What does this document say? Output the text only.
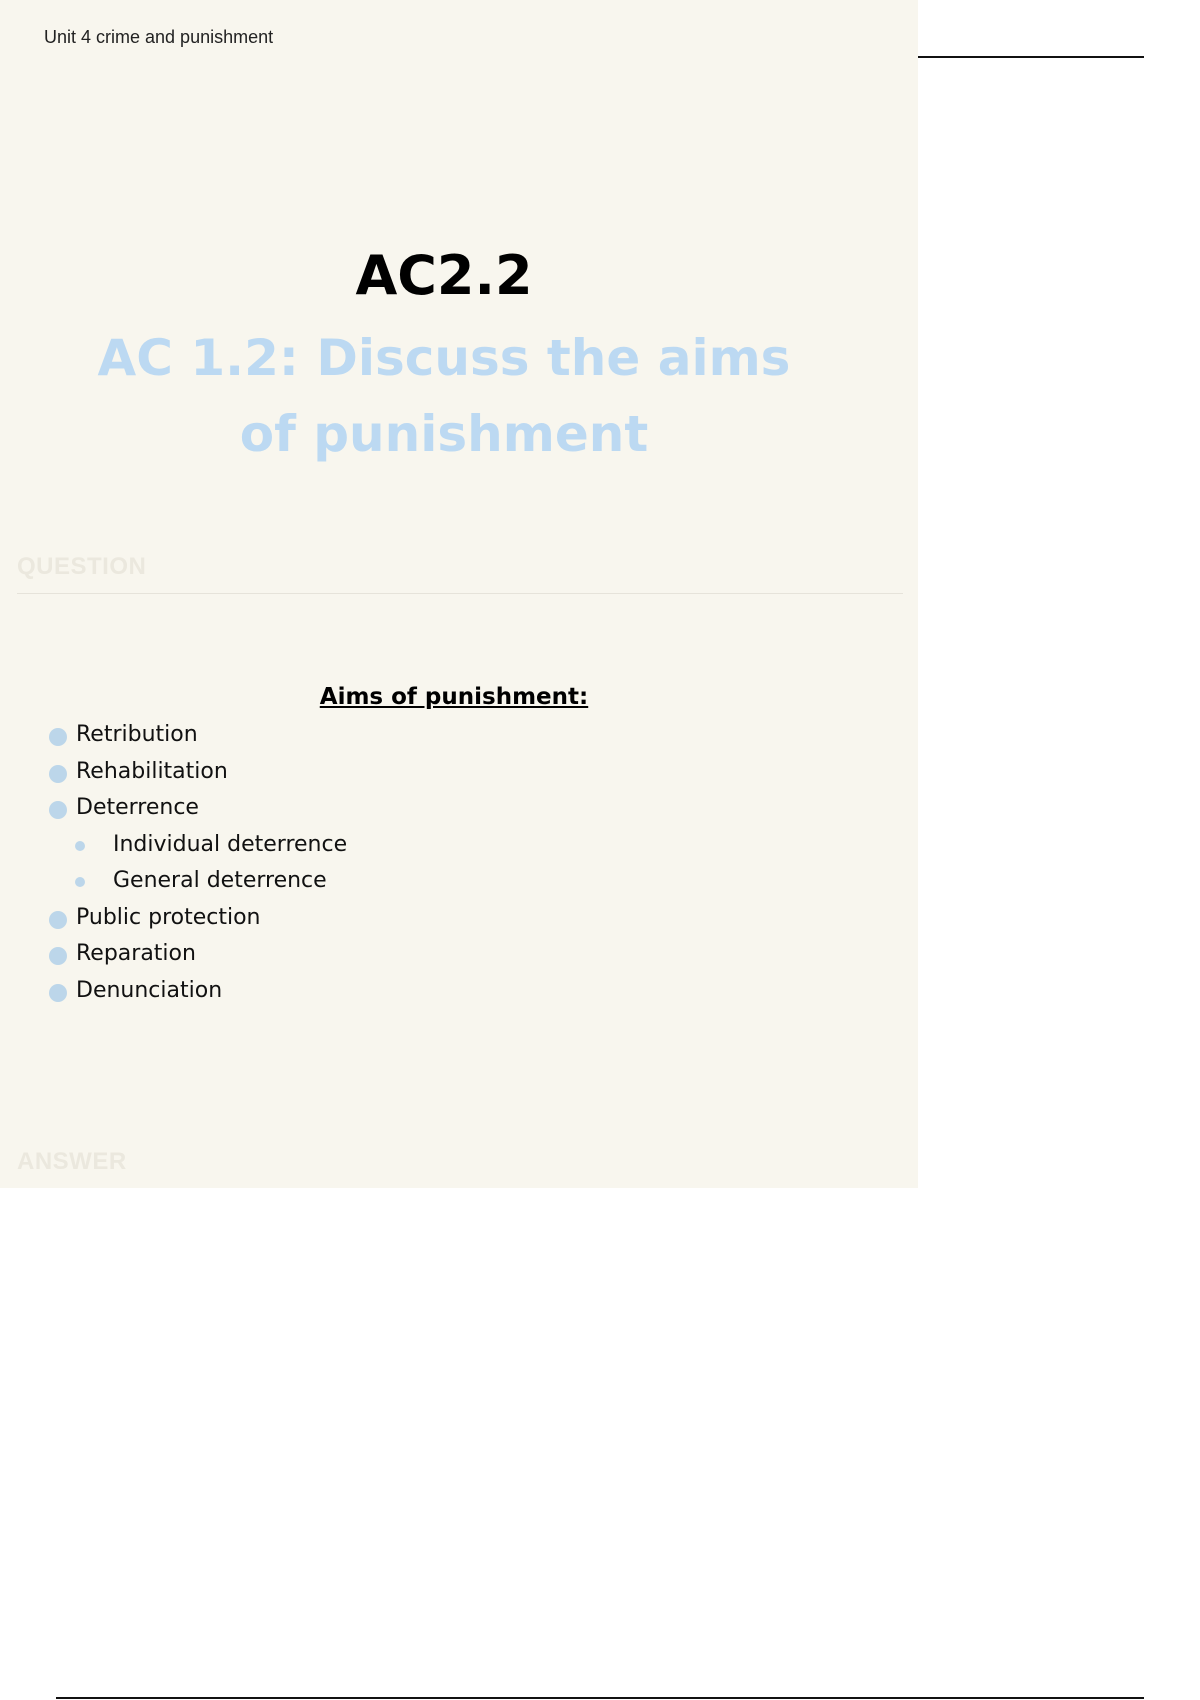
Unit 4 crime and punishment
AC2.2
AC 1.2: Discuss the aims
of punishment
QUESTION
Aims of punishment:
Retribution
Rehabilitation
Deterrence
Individual deterrence
General deterrence
Public protection
Reparation
Denunciation
ANSWER
